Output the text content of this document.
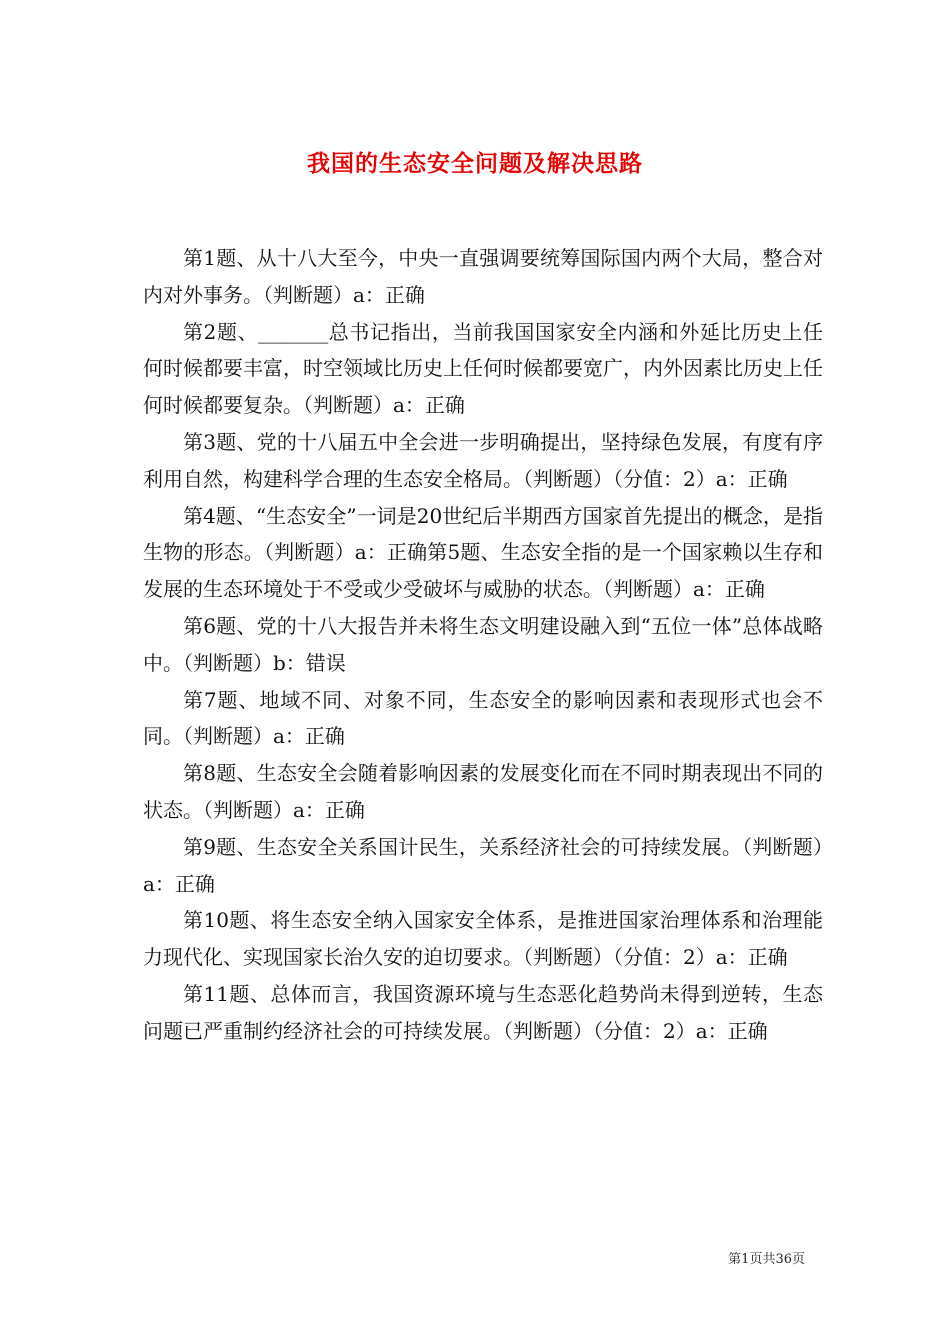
我国的生态安全问题及解决思路

第1题、从十八大至今，中央一直强调要统筹国际国内两个大局，整合对内对外事务。（判断题）a：正确

第2题、_______总书记指出，当前我国国家安全内涵和外延比历史上任何时候都要丰富，时空领域比历史上任何时候都要宽广，内外因素比历史上任何时候都要复杂。（判断题）a：正确

第3题、党的十八届五中全会进一步明确提出，坚持绿色发展，有度有序利用自然，构建科学合理的生态安全格局。（判断题）（分值：2）a：正确

第4题、“生态安全”一词是20世纪后半期西方国家首先提出的概念，是指生物的形态。（判断题）a：正确第5题、生态安全指的是一个国家赖以生存和发展的生态环境处于不受或少受破坏与威胁的状态。（判断题）a：正确

第6题、党的十八大报告并未将生态文明建设融入到“五位一体”总体战略中。（判断题）b：错误

第7题、地域不同、对象不同，生态安全的影响因素和表现形式也会不同。（判断题）a：正确

第8题、生态安全会随着影响因素的发展变化而在不同时期表现出不同的状态。（判断题）a：正确

第9题、生态安全关系国计民生，关系经济社会的可持续发展。（判断题）a：正确

第10题、将生态安全纳入国家安全体系，是推进国家治理体系和治理能力现代化、实现国家长治久安的迫切要求。（判断题）（分值：2）a：正确

第11题、总体而言，我国资源环境与生态恶化趋势尚未得到逆转，生态问题已严重制约经济社会的可持续发展。（判断题）（分值：2）a：正确

第1页共36页
